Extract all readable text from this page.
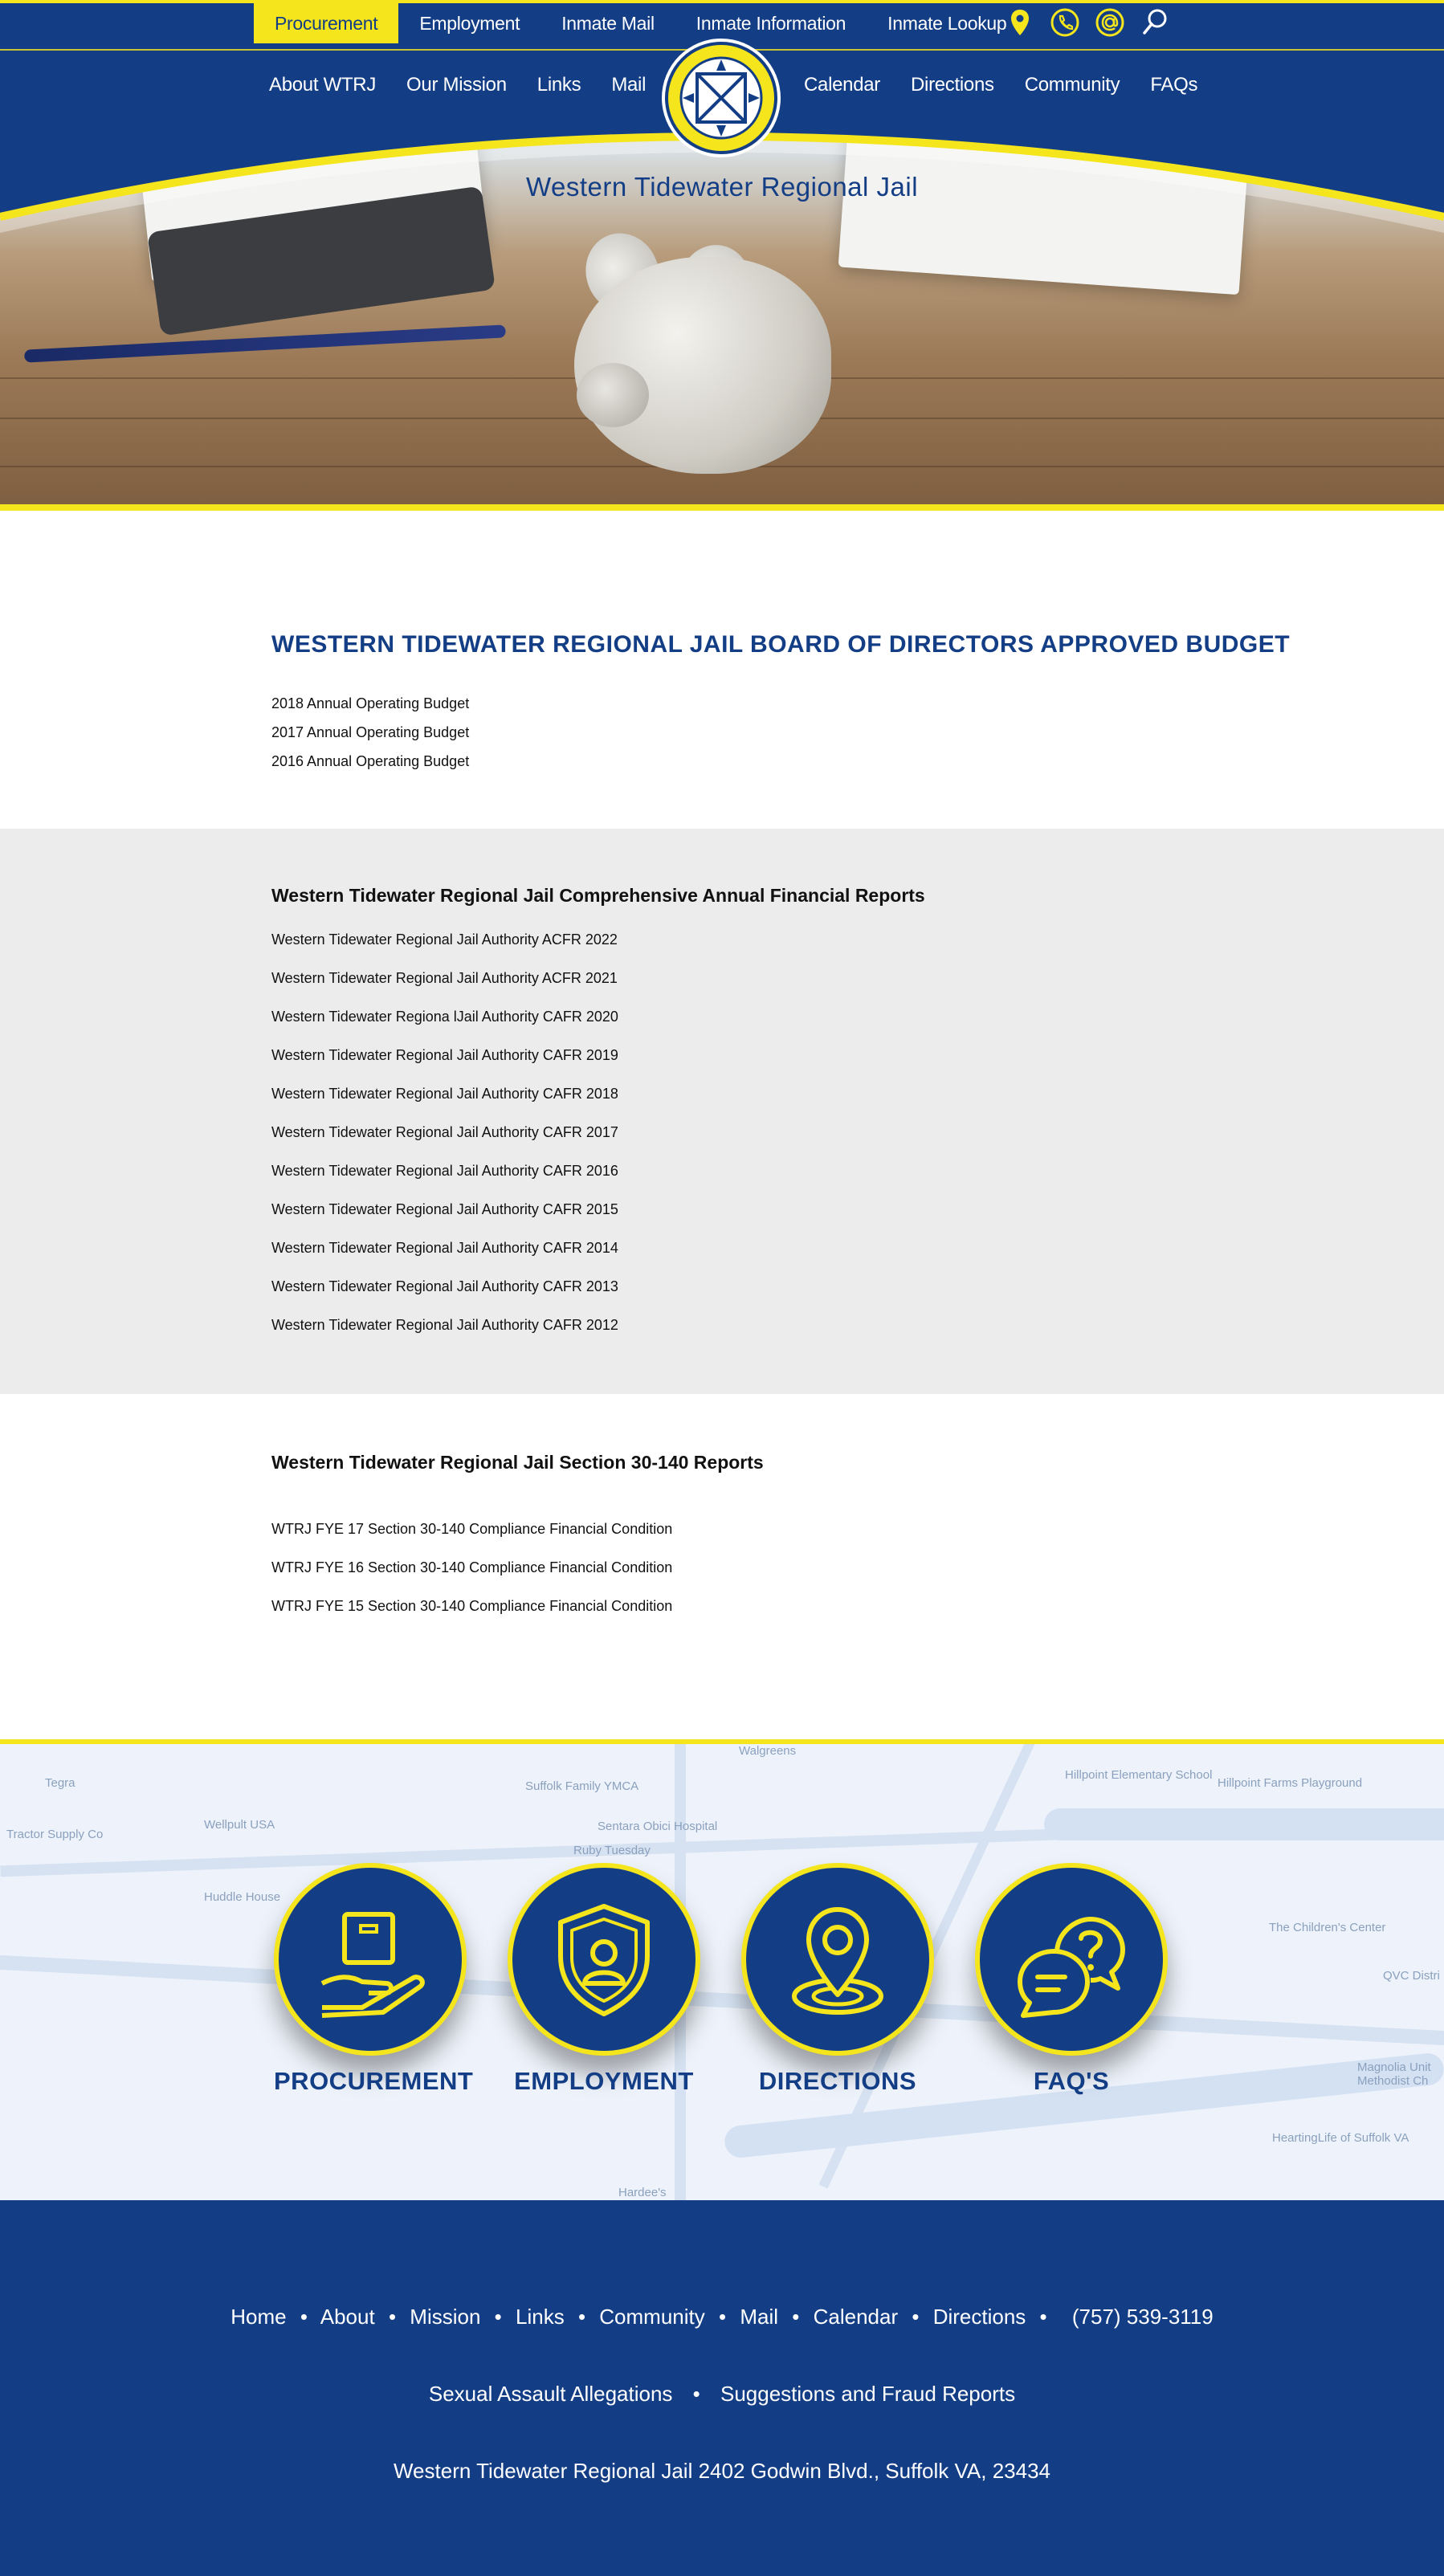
Procurement	Employment	Inmate Mail	Inmate Information	Inmate Lookup
About WTRJ	Our Mission	Links	Mail	Calendar	Directions	Community	FAQs
Western Tidewater Regional Jail
WESTERN TIDEWATER REGIONAL JAIL BOARD OF DIRECTORS APPROVED BUDGET
2018 Annual Operating Budget
2017 Annual Operating Budget
2016 Annual Operating Budget
Western Tidewater Regional Jail Comprehensive Annual Financial Reports
Western Tidewater Regional Jail Authority ACFR 2022
Western Tidewater Regional Jail Authority ACFR 2021
Western Tidewater Regiona lJail Authority CAFR 2020
Western Tidewater Regional Jail Authority CAFR 2019
Western Tidewater Regional Jail Authority CAFR 2018
Western Tidewater Regional Jail Authority CAFR 2017
Western Tidewater Regional Jail Authority CAFR 2016
Western Tidewater Regional Jail Authority CAFR 2015
Western Tidewater Regional Jail Authority CAFR 2014
Western Tidewater Regional Jail Authority CAFR 2013
Western Tidewater Regional Jail Authority CAFR 2012
Western Tidewater Regional Jail Section 30-140 Reports
WTRJ FYE 17 Section 30-140 Compliance Financial Condition
WTRJ FYE 16 Section 30-140 Compliance Financial Condition
WTRJ FYE 15 Section 30-140 Compliance Financial Condition
Tegra
Tractor Supply Co
Walgreens
Suffolk Family YMCA
Sentara Obici Hospital
Ruby Tuesday
Huddle House
Hillpoint Elementary School
Hillpoint Farms Playground
The Children's Center
QVC Distri
Magnolia Unit Methodist Ch
HeartingLife of Suffolk VA
Hardee's
Wellpult USA
PROCUREMENT EMPLOYMENT	DIRECTIONS	FAQ'S
Home • About • Mission • Links • Community • Mail • Calendar • Directions • (757) 539-3119
Sexual Assault Allegations • Suggestions and Fraud Reports
Western Tidewater Regional Jail 2402 Godwin Blvd., Suffolk VA, 23434
